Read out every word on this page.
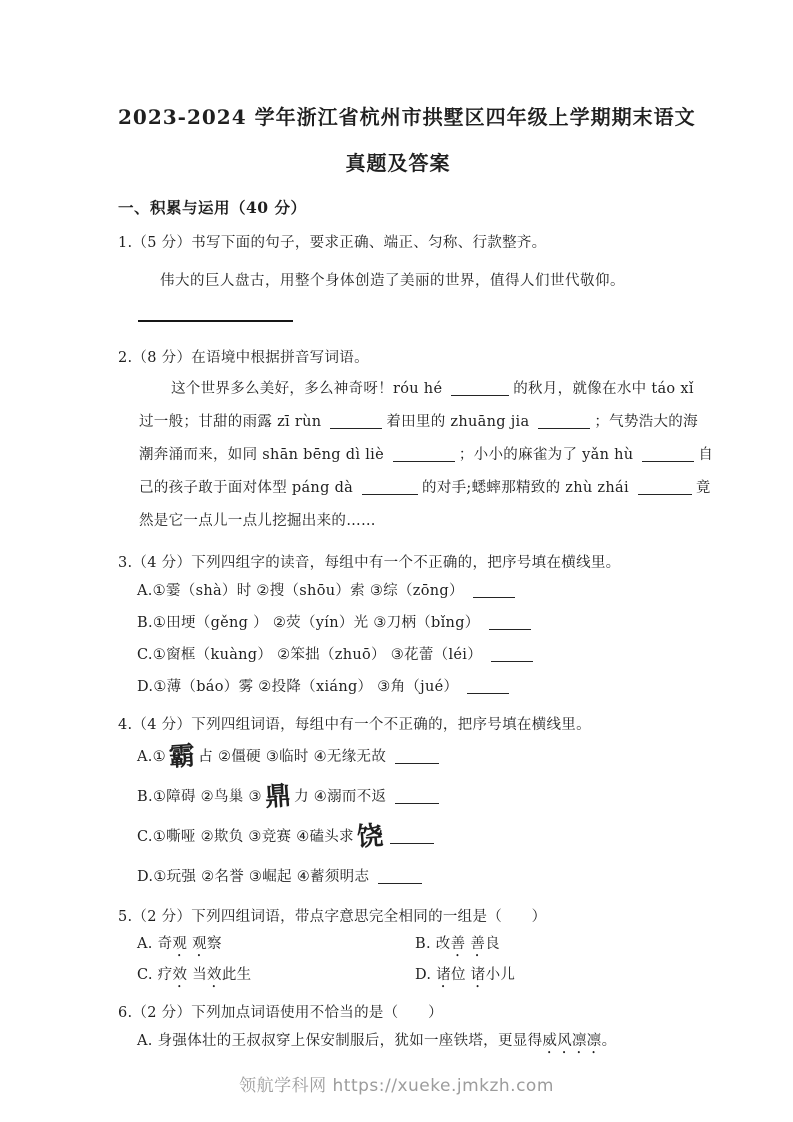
2023-2024 学年浙江省杭州市拱墅区四年级上学期期末语文
真题及答案
一、积累与运用（40 分）
1.（5 分）书写下面的句子，要求正确、端正、匀称、行款整齐。
伟大的巨人盘古，用整个身体创造了美丽的世界，值得人们世代敬仰。
2.（8 分）在语境中根据拼音写词语。
这个世界多么美好，多么神奇呀！róu hé	的秋月，就像在水中 táo xǐ
过一般；甘甜的雨露 zī rùn	着田里的 zhuāng jia	；气势浩大的海
潮奔涌而来，如同 shān bēng dì liè	；小小的麻雀为了 yǎn hù	自
己的孩子敢于面对体型 páng dà	的对手;蟋蟀那精致的 zhù zhái	竟
然是它一点儿一点儿挖掘出来的……
3.（4 分）下列四组字的读音，每组中有一个不正确的，把序号填在横线里。
A.①霎（shà）时 ②搜（shōu）索 ③综（zōng）
B.①田埂（gěng ） ②荧（yín）光 ③刀柄（bǐng）
C.①窗框（kuàng） ②笨拙（zhuō） ③花蕾（léi）
D.①薄（báo）雾 ②投降（xiáng） ③角（jué）
4.（4 分）下列四组词语，每组中有一个不正确的，把序号填在横线里。
A.①霸 占 ②僵硬 ③临时 ④无缘无故
B.①障碍 ②鸟巢 ③鼎 力 ④溺而不返
C.①嘶哑 ②欺负 ③竞赛 ④磕头求饶
D.①玩强 ②名誉 ③崛起 ④蓄须明志
5.（2 分）下列四组词语，带点字意思完全相同的一组是（　　）
A. 奇观 观察	B. 改善 善良
C. 疗效 当效此生	D. 诸位 诸小儿
6.（2 分）下列加点词语使用不恰当的是（　　）
A. 身强体壮的王叔叔穿上保安制服后，犹如一座铁塔，更显得威风凛凛。
领航学科网 https://xueke.jmkzh.com
